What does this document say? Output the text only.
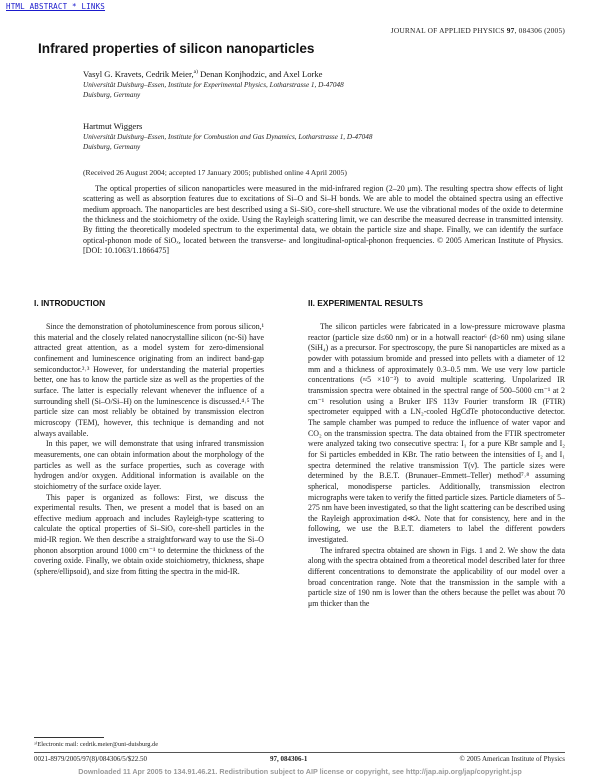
HTML ABSTRACT * LINKS
JOURNAL OF APPLIED PHYSICS 97, 084306 (2005)
Infrared properties of silicon nanoparticles
Vasyl G. Kravets, Cedrik Meier,$^{a)}$ Denan Konjhodzic, and Axel Lorke
Universität Duisburg–Essen, Institute for Experimental Physics, Lotharstrasse 1, D-47048
Duisburg, Germany
Hartmut Wiggers
Universität Duisburg–Essen, Institute for Combustion and Gas Dynamics, Lotharstrasse 1, D-47048
Duisburg, Germany
(Received 26 August 2004; accepted 17 January 2005; published online 4 April 2005)

The optical properties of silicon nanoparticles were measured in the mid-infrared region (2–20 μm). The resulting spectra show effects of light scattering as well as absorption features due to excitations of Si–O and Si–H bonds. We are able to model the obtained spectra using an effective medium approach. The nanoparticles are best described using a Si–SiO₂ core-shell structure. We use the vibrational modes of the oxide to determine the thickness and the stoichiometry of the oxide. Using the Rayleigh scattering limit, we can describe the measured decrease in transmitted intensity. By fitting the theoretically modeled spectrum to the experimental data, we obtain the particle size and shape. Finally, we can identify the surface optical-phonon mode of SiOₓ, located between the transverse- and longitudinal-optical-phonon frequencies. © 2005 American Institute of Physics. [DOI: 10.1063/1.1866475]

I. INTRODUCTION

Since the demonstration of photoluminescence from porous silicon,¹ this material and the closely related nanocrystalline silicon (nc-Si) have attracted great attention, as a model system for zero-dimensional confinement and luminescence originating from an indirect band-gap semiconductor.²˒³ However, for understanding the material properties better, one has to know the particle size as well as the properties of the surface. The latter is especially relevant whenever the influence of a surrounding shell (Si–O/Si–H) on the luminescence is discussed.⁴˒⁵ The particle size can most reliably be obtained by transmission electron microscopy (TEM), however, this technique is demanding and not always available.

In this paper, we will demonstrate that using infrared transmission measurements, one can obtain information about the morphology of the particles as well as the surface properties, such as coverage with hydrogen and/or oxygen. Additional information is available on the stoichiometry of the surface oxide layer.

This paper is organized as follows: First, we discuss the experimental results. Then, we present a model that is based on an effective medium approach and includes Rayleigh-type scattering to calculate the optical properties of Si–SiOₓ core-shell particles in the mid-IR region. We then describe a straightforward way to use the Si–O phonon absorption around 1000 cm⁻¹ to determine the thickness of the covering oxide. Finally, we obtain oxide stoichiometry, thickness, shape (sphere/ellipsoid), and size from fitting the spectra in the mid-IR.

II. EXPERIMENTAL RESULTS

The silicon particles were fabricated in a low-pressure microwave plasma reactor (particle size d≤60 nm) or in a hotwall reactor⁶ (d>60 nm) using silane (SiH₄) as a precursor. For spectroscopy, the pure Si nanoparticles are mixed as a powder with potassium bromide and pressed into pellets with a diameter of 12 mm and a thickness of approximately 0.3–0.5 mm. We use very low particle concentrations (≈5 ×10⁻³) to avoid multiple scattering. Unpolarized IR transmission spectra were obtained in the spectral range of 500–5000 cm⁻¹ at 2 cm⁻¹ resolution using a Bruker IFS 113v Fourier transform IR (FTIR) spectrometer equipped with a LN₂-cooled HgCdTe photoconductive detector. The sample chamber was pumped to reduce the influence of water vapor and CO₂ on the transmission spectra. The data obtained from the FTIR spectrometer were analyzed taking two consecutive spectra: I₁ for a pure KBr sample and I₂ for Si particles embedded in KBr. The ratio between the intensities of I₂ and I₁ spectra determined the relative transmission T(ν̃). The particle sizes were determined by the B.E.T. (Brunauer–Emmett–Teller) method⁷˒⁸ assuming spherical, monodisperse particles. Additionally, transmission electron micrographs were taken to verify the fitted particle sizes. Particle diameters of 5–275 nm have been investigated, so that the light scattering can be described using the Rayleigh approximation d≪λ. Note that for consistency, here and in the following, we use the B.E.T. diameters to label the different powders investigated.

The infrared spectra obtained are shown in Figs. 1 and 2. We show the data along with the spectra obtained from a theoretical model described later for three different concentrations to demonstrate the applicability of our model over a broad concentration range. Note that the transmission in the sample with a particle size of 190 nm is lower than the others because the pellet was about 70 μm thicker than the

ᵃ⁾Electronic mail: cedrik.meier@uni-duisburg.de
0021-8979/2005/97(8)/084306/5/$22.50	97, 084306-1	© 2005 American Institute of Physics
Downloaded 11 Apr 2005 to 134.91.46.21. Redistribution subject to AIP license or copyright, see http://jap.aip.org/jap/copyright.jsp
